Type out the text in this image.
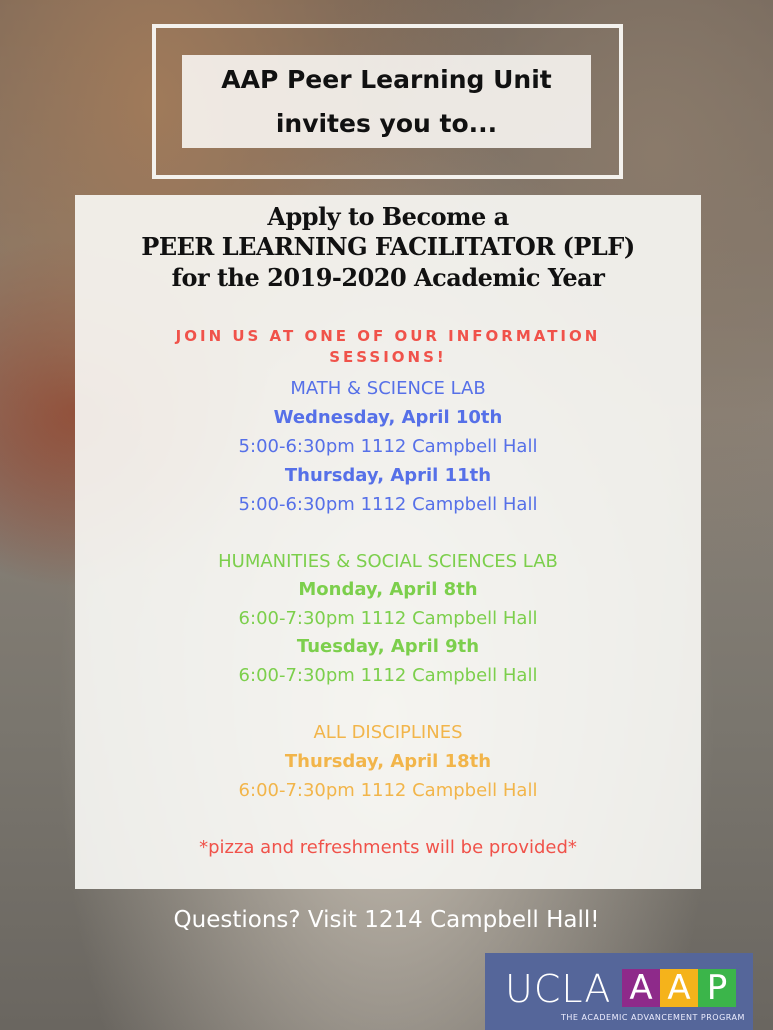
AAP Peer Learning Unit
invites you to...
Apply to Become a
PEER LEARNING FACILITATOR (PLF)
for the 2019-2020 Academic Year
JOIN US AT ONE OF OUR INFORMATION
SESSIONS!
MATH & SCIENCE LAB
Wednesday, April 10th
5:00-6:30pm 1112 Campbell Hall
Thursday, April 11th
5:00-6:30pm 1112 Campbell Hall
HUMANITIES & SOCIAL SCIENCES LAB
Monday, April 8th
6:00-7:30pm 1112 Campbell Hall
Tuesday, April 9th
6:00-7:30pm 1112 Campbell Hall
ALL DISCIPLINES
Thursday, April 18th
6:00-7:30pm 1112 Campbell Hall
*pizza and refreshments will be provided*
Questions? Visit 1214 Campbell Hall!
UCLA A A P
THE ACADEMIC ADVANCEMENT PROGRAM
